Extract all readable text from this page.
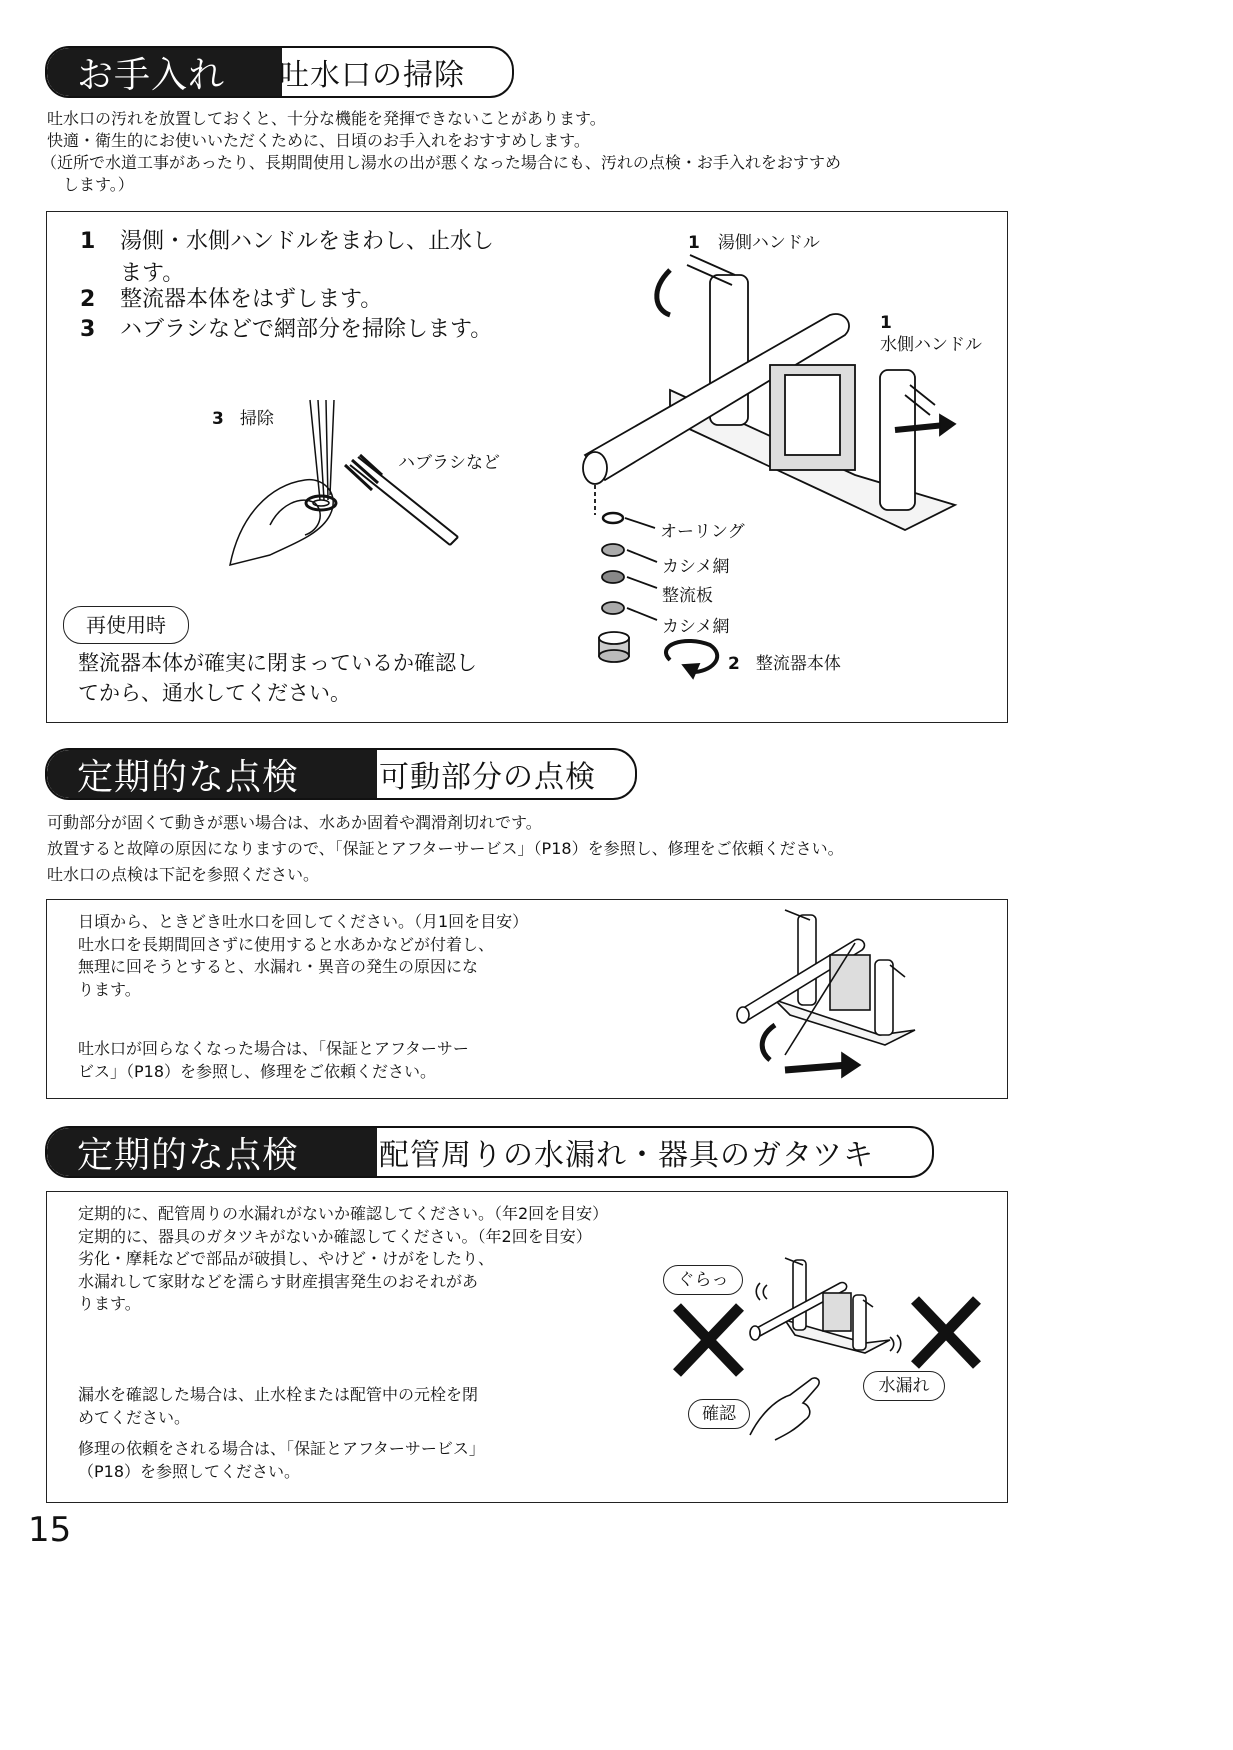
お手入れ 吐水口の掃除
吐水口の汚れを放置しておくと、十分な機能を発揮できないことがあります。
快適・衛生的にお使いいただくために、日頃のお手入れをおすすめします。
（近所で水道工事があったり、長期間使用し湯水の出が悪くなった場合にも、汚れの点検・お手入れをおすすめ
　します。）
1 湯側・水側ハンドルをまわし、止水し
ます。
2 整流器本体をはずします。
3 ハブラシなどで網部分を掃除します。
3 掃除
ハブラシなど
1 湯側ハンドル
1
水側ハンドル
オーリング
カシメ網
整流板
カシメ網
2 整流器本体
再使用時
整流器本体が確実に閉まっているか確認し
てから、通水してください。
定期的な点検	可動部分の点検
可動部分が固くて動きが悪い場合は、水あか固着や潤滑剤切れです。
放置すると故障の原因になりますので、「保証とアフターサービス」（P18）を参照し、修理をご依頼ください。
吐水口の点検は下記を参照ください。
日頃から、ときどき吐水口を回してください。（月1回を目安）
吐水口を長期間回さずに使用すると水あかなどが付着し、
無理に回そうとすると、水漏れ・異音の発生の原因にな
ります。
吐水口が回らなくなった場合は、「保証とアフターサー
ビス」（P18）を参照し、修理をご依頼ください。
定期的な点検	配管周りの水漏れ・器具のガタツキ
定期的に、配管周りの水漏れがないか確認してください。（年2回を目安）
定期的に、器具のガタツキがないか確認してください。（年2回を目安）
劣化・摩耗などで部品が破損し、やけど・けがをしたり、
水漏れして家財などを濡らす財産損害発生のおそれがあ
ります。
漏水を確認した場合は、止水栓または配管中の元栓を閉
めてください。
修理の依頼をされる場合は、「保証とアフターサービス」
（P18）を参照してください。
ぐらっ
水漏れ
確認
15
